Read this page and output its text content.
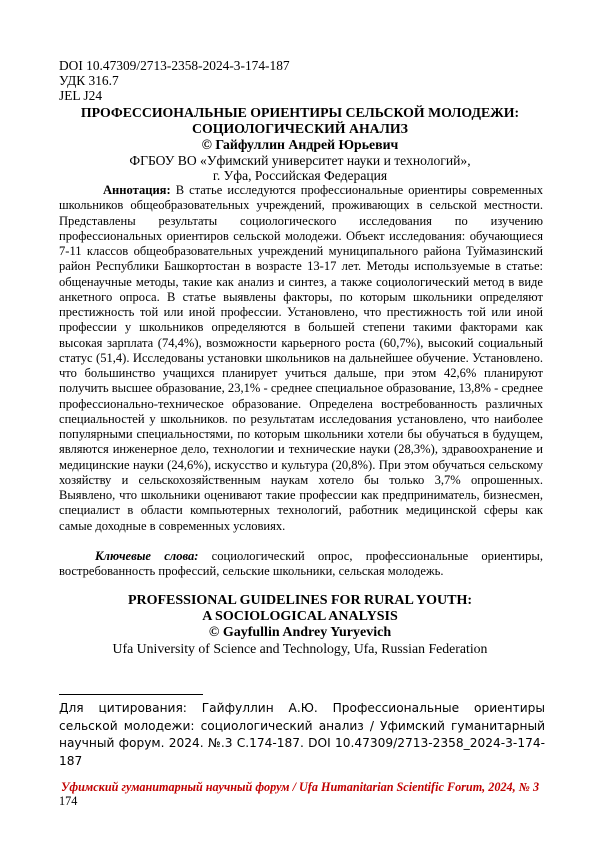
DOI 10.47309/2713-2358-2024-3-174-187
УДК 316.7
JEL J24
ПРОФЕССИОНАЛЬНЫЕ ОРИЕНТИРЫ СЕЛЬСКОЙ МОЛОДЕЖИ:
СОЦИОЛОГИЧЕСКИЙ АНАЛИЗ
© Гайфуллин Андрей Юрьевич
ФГБОУ ВО «Уфимский университет науки и технологий»,
г. Уфа, Российская Федерация

Аннотация: В статье исследуются профессиональные ориентиры современных школьников общеобразовательных учреждений, проживающих в сельской местности. Представлены результаты социологического исследования по изучению профессиональных ориентиров сельской молодежи. Объект исследования: обучающиеся 7-11 классов общеобразовательных учреждений муниципального района Туймазинский район Республики Башкортостан в возрасте 13-17 лет. Методы используемые в статье: общенаучные методы, такие как анализ и синтез, а также социологический метод в виде анкетного опроса. В статье выявлены факторы, по которым школьники определяют престижность той или иной профессии. Установлено, что престижность той или иной профессии у школьников определяются в большей степени такими факторами как высокая зарплата (74,4%), возможности карьерного роста (60,7%), высокий социальный статус (51,4). Исследованы установки школьников на дальнейшее обучение. Установлено. что большинство учащихся планирует учиться дальше, при этом 42,6% планируют получить высшее образование, 23,1% - среднее специальное образование, 13,8% - среднее профессионально-техническое образование. Определена востребованность различных специальностей у школьников. по результатам исследования установлено, что наиболее популярными специальностями, по которым школьники хотели бы обучаться в будущем, являются инженерное дело, технологии и технические науки (28,3%), здравоохранение и медицинские науки (24,6%), искусство и культура (20,8%). При этом обучаться сельскому хозяйству и сельскохозяйственным наукам хотело бы только 3,7% опрошенных. Выявлено, что школьники оценивают такие профессии как предприниматель, бизнесмен, специалист в области компьютерных технологий, работник медицинской сферы как самые доходные в современных условиях.

Ключевые слова: социологический опрос, профессиональные ориентиры, востребованность профессий, сельские школьники, сельская молодежь.

PROFESSIONAL GUIDELINES FOR RURAL YOUTH:
A SOCIOLOGICAL ANALYSIS
© Gayfullin Andrey Yuryevich
Ufa University of Science and Technology, Ufa, Russian Federation
Для цитирования: Гайфуллин А.Ю. Профессиональные ориентиры сельской молодежи: социологический анализ / Уфимский гуманитарный научный форум. 2024. №.3 С.174-187. DOI 10.47309/2713-2358_2024-3-174-187
Уфимский гуманитарный научный форум / Ufa Humanitarian Scientific Forum, 2024, № 3
174
